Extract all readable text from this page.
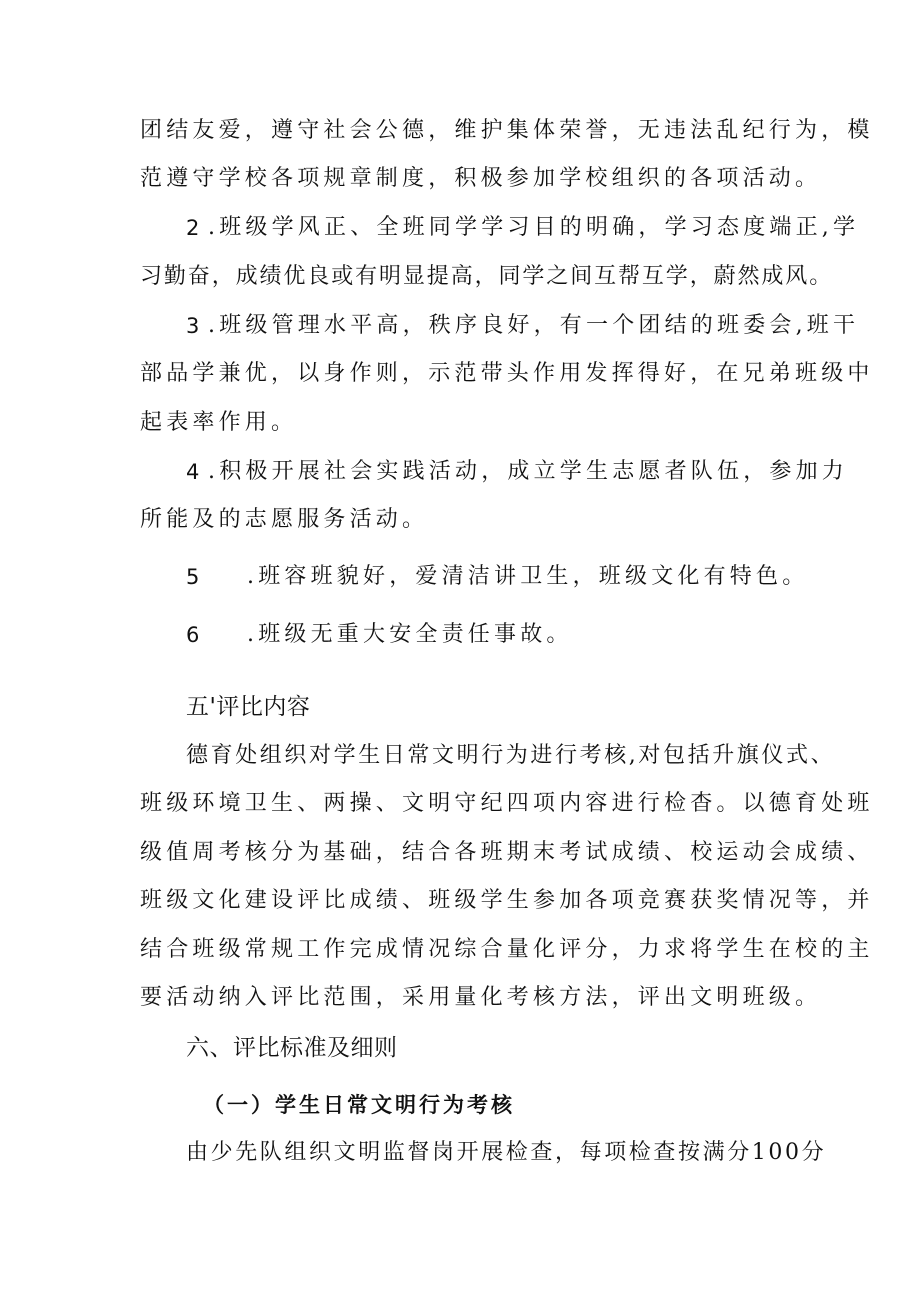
团结友爱，遵守社会公德，维护集体荣誉，无违法乱纪行为，模
范遵守学校各项规章制度，积极参加学校组织的各项活动。
2 .班级学风正、全班同学学习目的明确，学习态度端正,学
习勤奋，成绩优良或有明显提高，同学之间互帮互学，蔚然成风。
3 .班级管理水平高，秩序良好，有一个团结的班委会,班干
部品学兼优，以身作则，示范带头作用发挥得好，在兄弟班级中
起表率作用。
4 .积极开展社会实践活动，成立学生志愿者队伍，参加力
所能及的志愿服务活动。
5 .班容班貌好，爱清洁讲卫生，班级文化有特色。
6 .班级无重大安全责任事故。
五'评比内容
德育处组织对学生日常文明行为进行考核,对包括升旗仪式、
班级环境卫生、两操、文明守纪四项内容进行检杳。以德育处班
级值周考核分为基础，结合各班期末考试成绩、校运动会成绩、
班级文化建设评比成绩、班级学生参加各项竞赛获奖情况等，并
结合班级常规工作完成情况综合量化评分，力求将学生在校的主
要活动纳入评比范围，采用量化考核方法，评出文明班级。
六、评比标准及细则
（一）学生日常文明行为考核
由少先队组织文明监督岗开展检查，每项检查按满分100分
